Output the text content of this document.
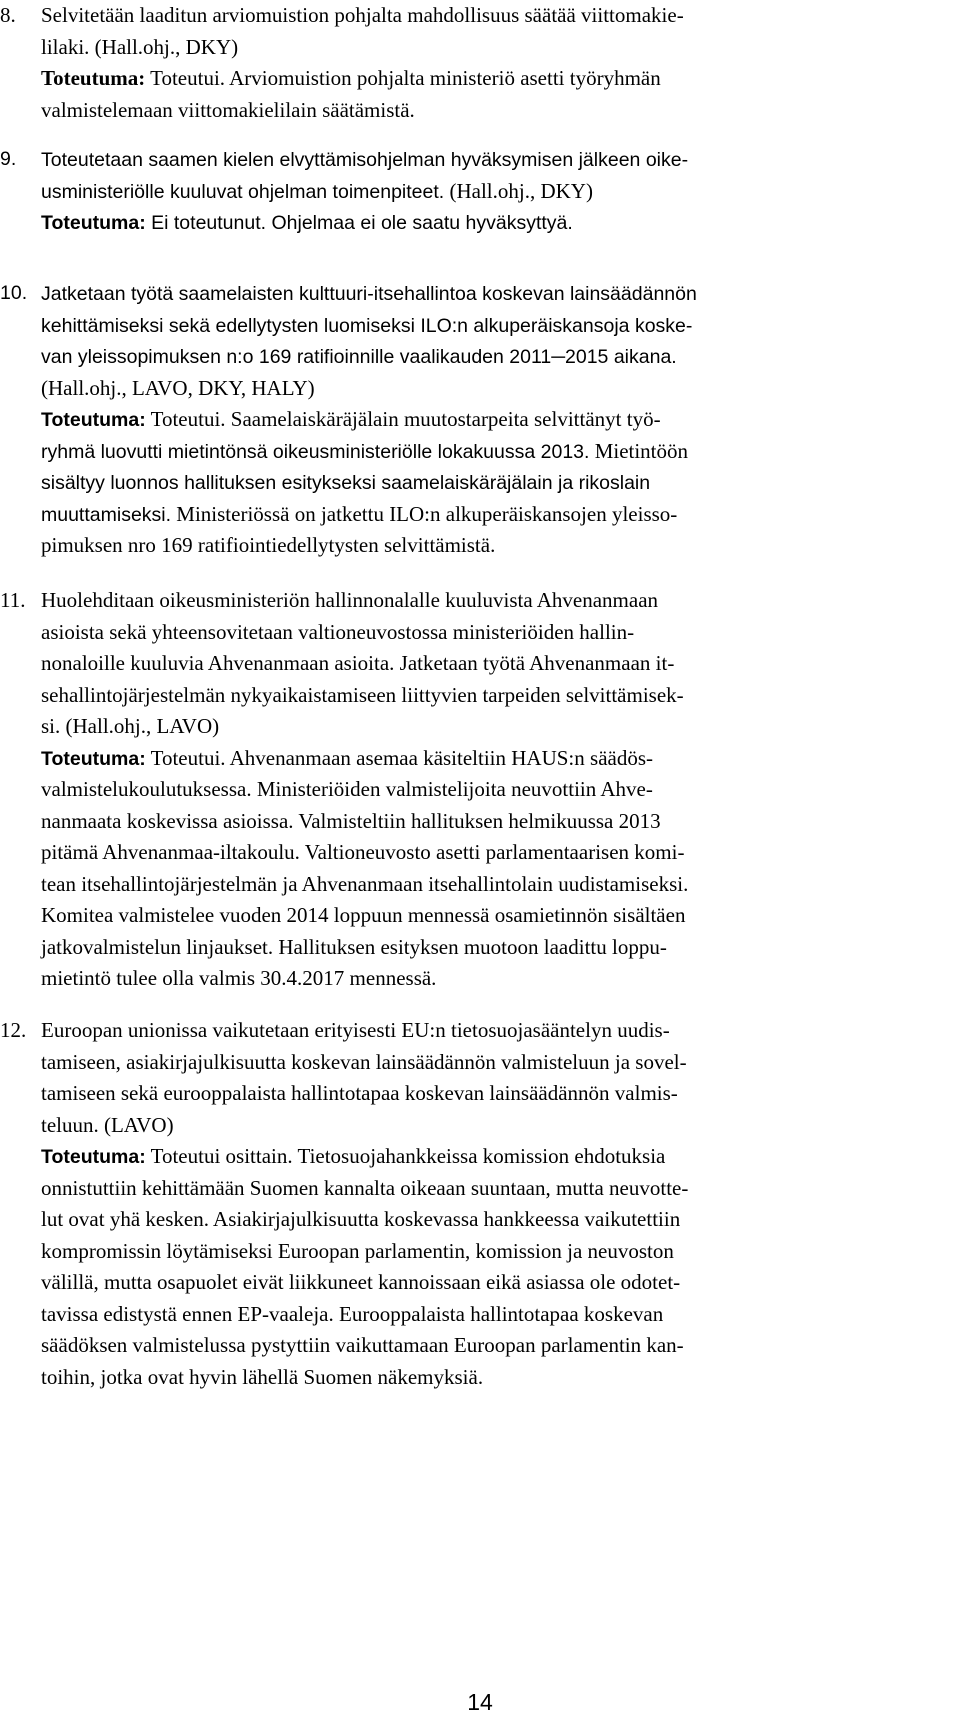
8. Selvitetään laaditun arviomuistion pohjalta mahdollisuus säätää viittomakie-
lilaki. (Hall.ohj., DKY)
Toteutuma: Toteutui. Arviomuistion pohjalta ministeriö asetti työryhmän
valmistelemaan viittomakielilain säätämistä.
9. Toteutetaan saamen kielen elvyttämisohjelman hyväksymisen jälkeen oike-
usministeriölle kuuluvat ohjelman toimenpiteet. (Hall.ohj., DKY)
Toteutuma: Ei toteutunut. Ohjelmaa ei ole saatu hyväksyttyä.
10. Jatketaan työtä saamelaisten kulttuuri-itsehallintoa koskevan lainsäädännön
kehittämiseksi sekä edellytysten luomiseksi ILO:n alkuperäiskansoja koske-
van yleissopimuksen n:o 169 ratifioinnille vaalikauden 2011─2015 aikana.
(Hall.ohj., LAVO, DKY, HALY)
Toteutuma: Toteutui. Saamelaiskäräjälain muutostarpeita selvittänyt työ-
ryhmä luovutti mietintönsä oikeusministeriölle lokakuussa 2013. Mietintöön
sisältyy luonnos hallituksen esitykseksi saamelaiskäräjälain ja rikoslain
muuttamiseksi. Ministeriössä on jatkettu ILO:n alkuperäiskansojen yleisso-
pimuksen nro 169 ratifiointiedellytysten selvittämistä.
11. Huolehditaan oikeusministeriön hallinnonalalle kuuluvista Ahvenanmaan
asioista sekä yhteensovitetaan valtioneuvostossa ministeriöiden hallin-
nonaloille kuuluvia Ahvenanmaan asioita. Jatketaan työtä Ahvenanmaan it-
sehallintojärjestelmän nykyaikaistamiseen liittyvien tarpeiden selvittämisek-
si. (Hall.ohj., LAVO)
Toteutuma: Toteutui. Ahvenanmaan asemaa käsiteltiin HAUS:n säädös-
valmistelukoulutuksessa. Ministeriöiden valmistelijoita neuvottiin Ahve-
nanmaata koskevissa asioissa. Valmisteltiin hallituksen helmikuussa 2013
pitämä Ahvenanmaa-iltakoulu. Valtioneuvosto asetti parlamentaarisen komi-
tean itsehallintojärjestelmän ja Ahvenanmaan itsehallintolain uudistamiseksi.
Komitea valmistelee vuoden 2014 loppuun mennessä osamietinnön sisältäen
jatkovalmistelun linjaukset. Hallituksen esityksen muotoon laadittu loppu-
mietintö tulee olla valmis 30.4.2017 mennessä.
12. Euroopan unionissa vaikutetaan erityisesti EU:n tietosuojasääntelyn uudis-
tamiseen, asiakirjajulkisuutta koskevan lainsäädännön valmisteluun ja sovel-
tamiseen sekä eurooppalaista hallintotapaa koskevan lainsäädännön valmis-
teluun. (LAVO)
Toteutuma: Toteutui osittain. Tietosuojahankkeissa komission ehdotuksia
onnistuttiin kehittämään Suomen kannalta oikeaan suuntaan, mutta neuvotte-
lut ovat yhä kesken. Asiakirjajulkisuutta koskevassa hankkeessa vaikutettiin
kompromissin löytämiseksi Euroopan parlamentin, komission ja neuvoston
välillä, mutta osapuolet eivät liikkuneet kannoissaan eikä asiassa ole odotet-
tavissa edistystä ennen EP-vaaleja. Eurooppalaista hallintotapaa koskevan
säädöksen valmistelussa pystyttiin vaikuttamaan Euroopan parlamentin kan-
toihin, jotka ovat hyvin lähellä Suomen näkemyksiä.
14
